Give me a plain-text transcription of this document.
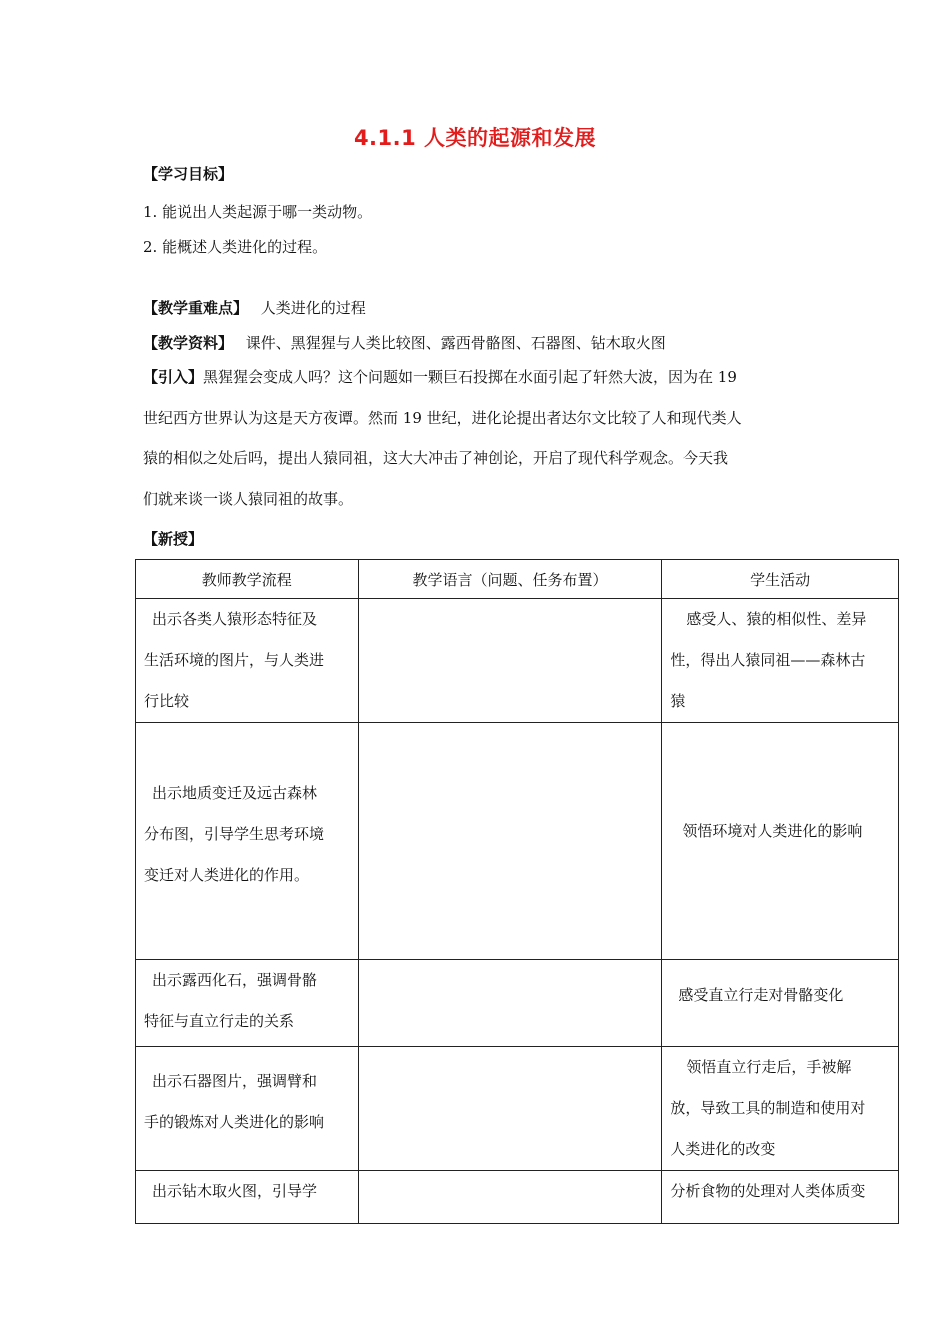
4.1.1 人类的起源和发展
【学习目标】
1. 能说出人类起源于哪一类动物。
2. 能概述人类进化的过程。
【教学重难点】 人类进化的过程
【教学资料】 课件、黑猩猩与人类比较图、露西骨骼图、石器图、钻木取火图
【引入】黑猩猩会变成人吗？这个问题如一颗巨石投掷在水面引起了轩然大波，因为在 19
世纪西方世界认为这是天方夜谭。然而 19 世纪，进化论提出者达尔文比较了人和现代类人
猿的相似之处后吗，提出人猿同祖，这大大冲击了神创论，开启了现代科学观念。今天我
们就来谈一谈人猿同祖的故事。
【新授】
教师教学流程	教学语言（问题、任务布置）	学生活动

出示各类人猿形态特征及
生活环境的图片，与人类进
行比较		感受人、猿的相似性、差异
性，得出人猿同祖——森林古
猿

出示地质变迁及远古森林
分布图，引导学生思考环境
变迁对人类进化的作用。		领悟环境对人类进化的影响

出示露西化石，强调骨骼
特征与直立行走的关系		感受直立行走对骨骼变化

出示石器图片，强调臂和
手的锻炼对人类进化的影响		领悟直立行走后，手被解
放，导致工具的制造和使用对
人类进化的改变

出示钻木取火图，引导学		分析食物的处理对人类体质变
